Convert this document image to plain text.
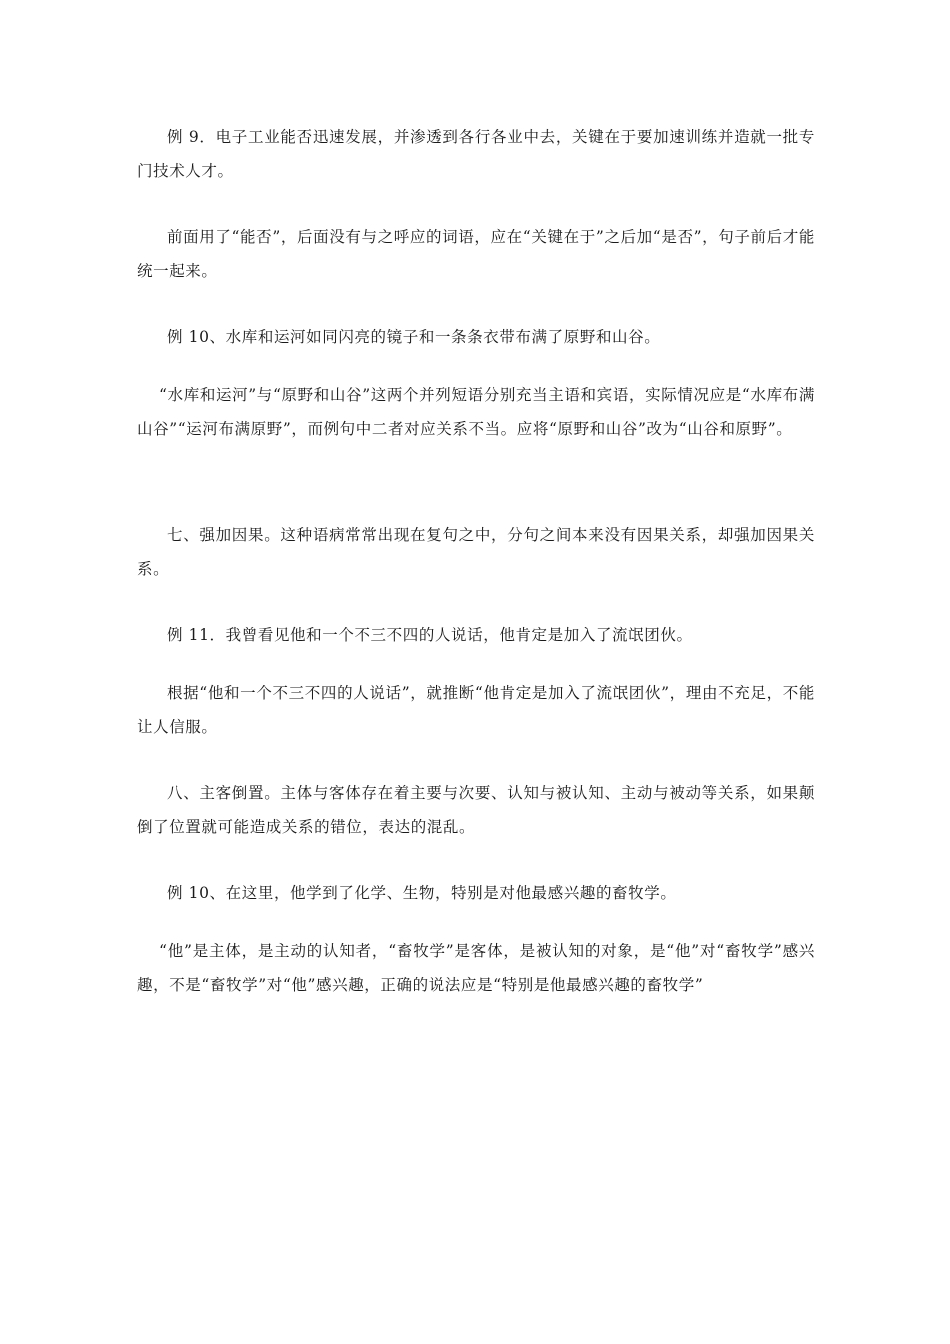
例 9．电子工业能否迅速发展，并渗透到各行各业中去，关键在于要加速训练并造就一批专门技术人才。

前面用了“能否”，后面没有与之呼应的词语，应在“关键在于”之后加“是否”，句子前后才能统一起来。

例 10、水库和运河如同闪亮的镜子和一条条衣带布满了原野和山谷。

“水库和运河”与“原野和山谷”这两个并列短语分别充当主语和宾语，实际情况应是“水库布满山谷”“运河布满原野”，而例句中二者对应关系不当。应将“原野和山谷”改为“山谷和原野”。

七、强加因果。这种语病常常出现在复句之中，分句之间本来没有因果关系，却强加因果关系。

例 11．我曾看见他和一个不三不四的人说话，他肯定是加入了流氓团伙。

根据“他和一个不三不四的人说话”，就推断“他肯定是加入了流氓团伙”，理由不充足，不能让人信服。

八、主客倒置。主体与客体存在着主要与次要、认知与被认知、主动与被动等关系，如果颠倒了位置就可能造成关系的错位，表达的混乱。

例 10、在这里，他学到了化学、生物，特别是对他最感兴趣的畜牧学。

“他”是主体，是主动的认知者，“畜牧学”是客体，是被认知的对象，是“他”对“畜牧学”感兴趣，不是“畜牧学”对“他”感兴趣，正确的说法应是“特别是他最感兴趣的畜牧学”
